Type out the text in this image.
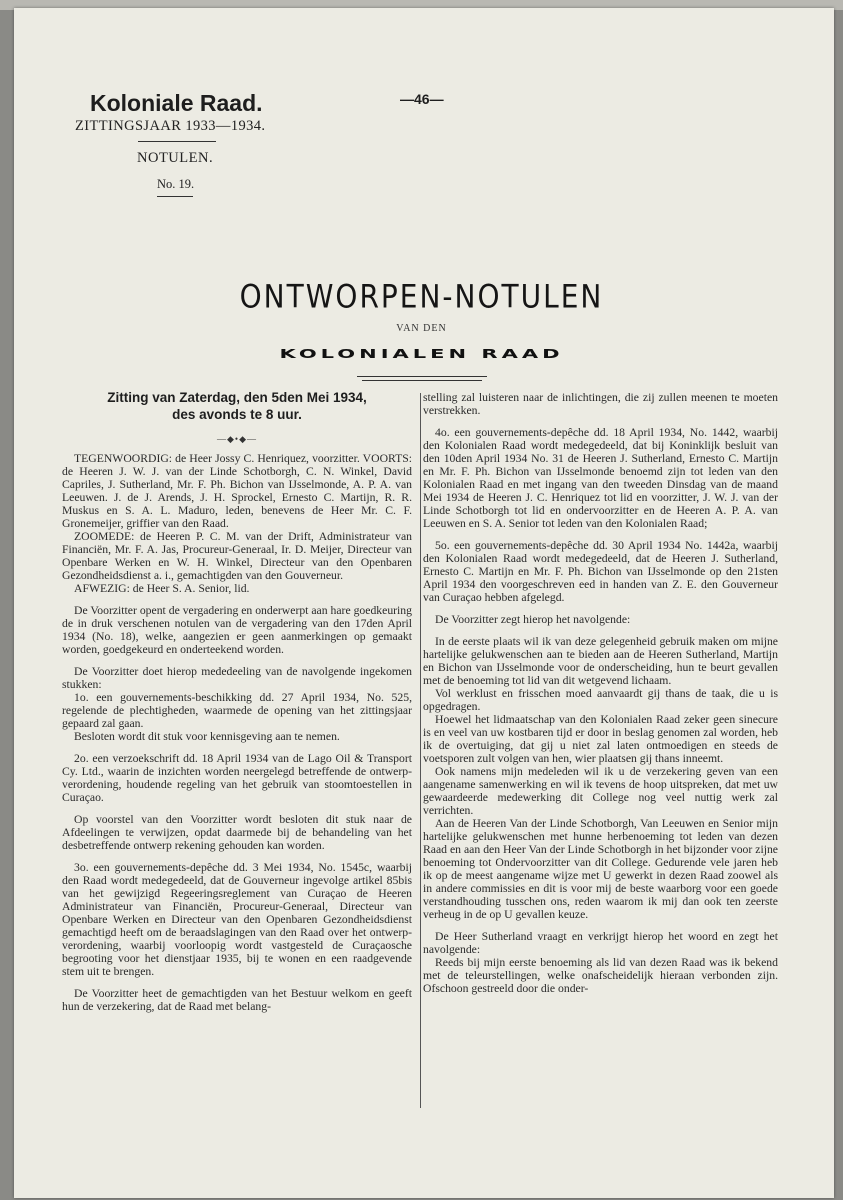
Koloniale Raad.	—46—
ZITTINGSJAAR 1933—1934.
NOTULEN.
No. 19.
ONTWORPEN-NOTULEN
VAN DEN
KOLONIALEN RAAD
Zitting van Zaterdag, den 5den Mei 1934,
des avonds te 8 uur.
—◆•◆—

TEGENWOORDIG: de Heer Jossy C. Henriquez, voorzitter. VOORTS: de Heeren J. W. J. van der Linde Schotborgh, C. N. Winkel, David Capriles, J. Sutherland, Mr. F. Ph. Bichon van IJsselmonde, A. P. A. van Leeuwen. J. de J. Arends, J. H. Sprockel, Ernesto C. Martijn, R. R. Muskus en S. A. L. Maduro, leden, benevens de Heer Mr. C. F. Gronemeijer, griffier van den Raad.

ZOOMEDE: de Heeren P. C. M. van der Drift, Administrateur van Financiën, Mr. F. A. Jas, Procureur-Generaal, Ir. D. Meijer, Directeur van Openbare Werken en W. H. Winkel, Directeur van den Openbaren Gezondheidsdienst a. i., gemachtigden van den Gouverneur.

AFWEZIG: de Heer S. A. Senior, lid.

De Voorzitter opent de vergadering en onderwerpt aan hare goedkeuring de in druk verschenen notulen van de vergadering van den 17den April 1934 (No. 18), welke, aangezien er geen aanmerkingen op gemaakt worden, goedgekeurd en onderteekend worden.

De Voorzitter doet hierop mededeeling van de navolgende ingekomen stukken:

1o. een gouvernements-beschikking dd. 27 April 1934, No. 525, regelende de plechtigheden, waarmede de opening van het zittingsjaar gepaard zal gaan.

Besloten wordt dit stuk voor kennisgeving aan te nemen.

2o. een verzoekschrift dd. 18 April 1934 van de Lago Oil & Transport Cy. Ltd., waarin de inzichten worden neergelegd betreffende de ontwerp-verordening, houdende regeling van het gebruik van stoomtoestellen in Curaçao.

Op voorstel van den Voorzitter wordt besloten dit stuk naar de Afdeelingen te verwijzen, opdat daarmede bij de behandeling van het desbetreffende ontwerp rekening gehouden kan worden.

3o. een gouvernements-depêche dd. 3 Mei 1934, No. 1545c, waarbij den Raad wordt medegedeeld, dat de Gouverneur ingevolge artikel 85bis van het gewijzigd Regeeringsreglement van Curaçao de Heeren Administrateur van Financiën, Procureur-Generaal, Directeur van Openbare Werken en Directeur van den Openbaren Gezondheidsdienst gemachtigd heeft om de beraadslagingen van den Raad over het ontwerp-verordening, waarbij voorloopig wordt vastgesteld de Curaçaosche begrooting voor het dienstjaar 1935, bij te wonen en een raadgevende stem uit te brengen.

De Voorzitter heet de gemachtigden van het Bestuur welkom en geeft hun de verzekering, dat de Raad met belang-

stelling zal luisteren naar de inlichtingen, die zij zullen meenen te moeten verstrekken.

4o. een gouvernements-depêche dd. 18 April 1934, No. 1442, waarbij den Kolonialen Raad wordt medegedeeld, dat bij Koninklijk besluit van den 10den April 1934 No. 31 de Heeren J. Sutherland, Ernesto C. Martijn en Mr. F. Ph. Bichon van IJsselmonde benoemd zijn tot leden van den Kolonialen Raad en met ingang van den tweeden Dinsdag van de maand Mei 1934 de Heeren J. C. Henriquez tot lid en voorzitter, J. W. J. van der Linde Schotborgh tot lid en ondervoorzitter en de Heeren A. P. A. van Leeuwen en S. A. Senior tot leden van den Kolonialen Raad;

5o. een gouvernements-depêche dd. 30 April 1934 No. 1442a, waarbij den Kolonialen Raad wordt medegedeeld, dat de Heeren J. Sutherland, Ernesto C. Martijn en Mr. F. Ph. Bichon van IJsselmonde op den 21sten April 1934 den voorgeschreven eed in handen van Z. E. den Gouverneur van Curaçao hebben afgelegd.

De Voorzitter zegt hierop het navolgende:

In de eerste plaats wil ik van deze gelegenheid gebruik maken om mijne hartelijke gelukwenschen aan te bieden aan de Heeren Sutherland, Martijn en Bichon van IJsselmonde voor de onderscheiding, hun te beurt gevallen met de benoeming tot lid van dit wetgevend lichaam.

Vol werklust en frisschen moed aanvaardt gij thans de taak, die u is opgedragen.

Hoewel het lidmaatschap van den Kolonialen Raad zeker geen sinecure is en veel van uw kostbaren tijd er door in beslag genomen zal worden, heb ik de overtuiging, dat gij u niet zal laten ontmoedigen en steeds de voetsporen zult volgen van hen, wier plaatsen gij thans inneemt.

Ook namens mijn medeleden wil ik u de verzekering geven van een aangename samenwerking en wil ik tevens de hoop uitspreken, dat met uw gewaardeerde medewerking dit College nog veel nuttig werk zal verrichten.

Aan de Heeren Van der Linde Schotborgh, Van Leeuwen en Senior mijn hartelijke gelukwenschen met hunne herbenoeming tot leden van dezen Raad en aan den Heer Van der Linde Schotborgh in het bijzonder voor zijne benoeming tot Ondervoorzitter van dit College. Gedurende vele jaren heb ik op de meest aangename wijze met U gewerkt in dezen Raad zoowel als in andere commissies en dit is voor mij de beste waarborg voor een goede verstandhouding tusschen ons, reden waarom ik mij dan ook ten zeerste verheug in de op U gevallen keuze.

De Heer Sutherland vraagt en verkrijgt hierop het woord en zegt het navolgende:

Reeds bij mijn eerste benoeming als lid van dezen Raad was ik bekend met de teleurstellingen, welke onafscheidelijk hieraan verbonden zijn. Ofschoon gestreeld door die onder-
